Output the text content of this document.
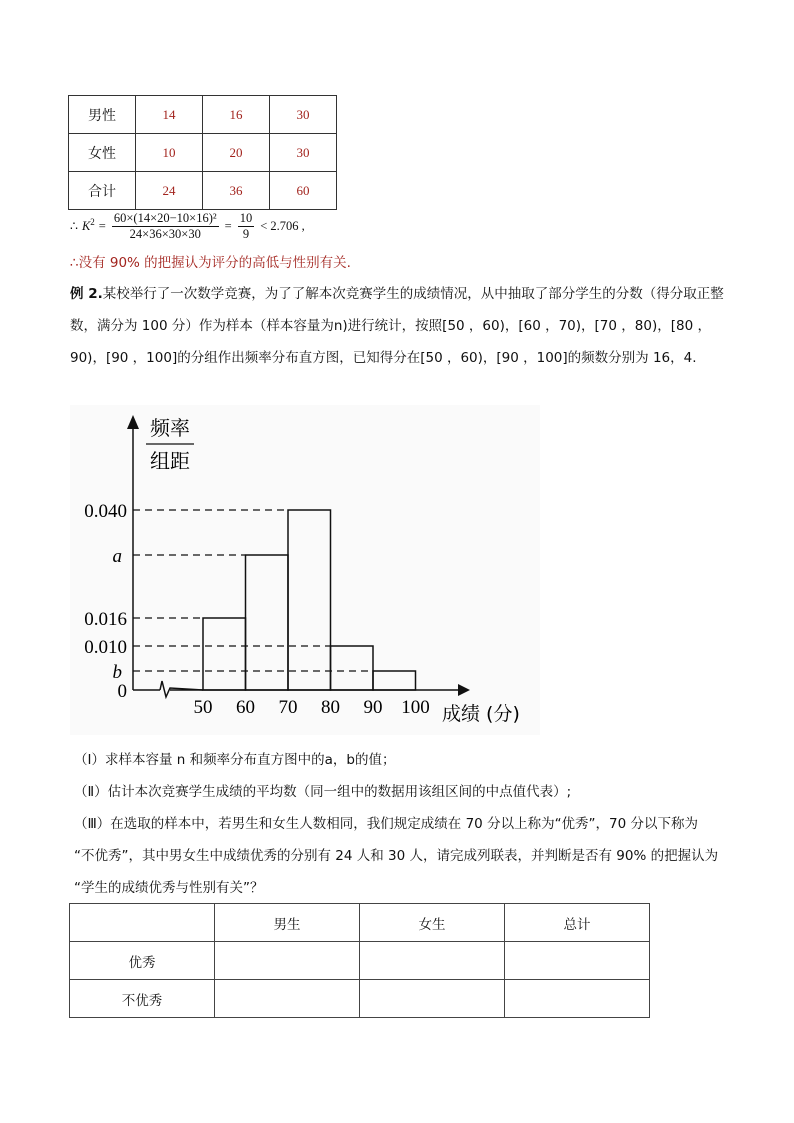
男性	14	16	30
女性	10	20	30
合计	24	36	60
∴ $K^2 = \frac{\text{60×(14×20−10×16)²}}{24\times 36\times 30\times 30} = \frac{10}{9} < 2.706$ ,
∴没有 90% 的把握认为评分的高低与性别有关.
例 2.某校举行了一次数学竞赛，为了了解本次竞赛学生的成绩情况，从中抽取了部分学生的分数（得分取正整数，满分为 100 分）作为样本（样本容量为n)进行统计，按照[50 ，60)，[60 ，70)，[70 ，80)，[80 ，90)，[90 ，100]的分组作出频率分布直方图，已知得分在[50 ，60)，[90 ，100]的频数分别为 16，4.
频率
组距
0.040
a
0.016
0.010
b
0
50 60 70 80 90 100 成绩 (分)
（Ⅰ）求样本容量 n 和频率分布直方图中的a，b的值；
（Ⅱ）估计本次竞赛学生成绩的平均数（同一组中的数据用该组区间的中点值代表）;
（Ⅲ）在选取的样本中，若男生和女生人数相同，我们规定成绩在 70 分以上称为“优秀”，70 分以下称为
“不优秀”，其中男女生中成绩优秀的分别有 24 人和 30 人，请完成列联表，并判断是否有 90% 的把握认为
“学生的成绩优秀与性别有关”？
	男生	女生	总计
优秀			
不优秀			
